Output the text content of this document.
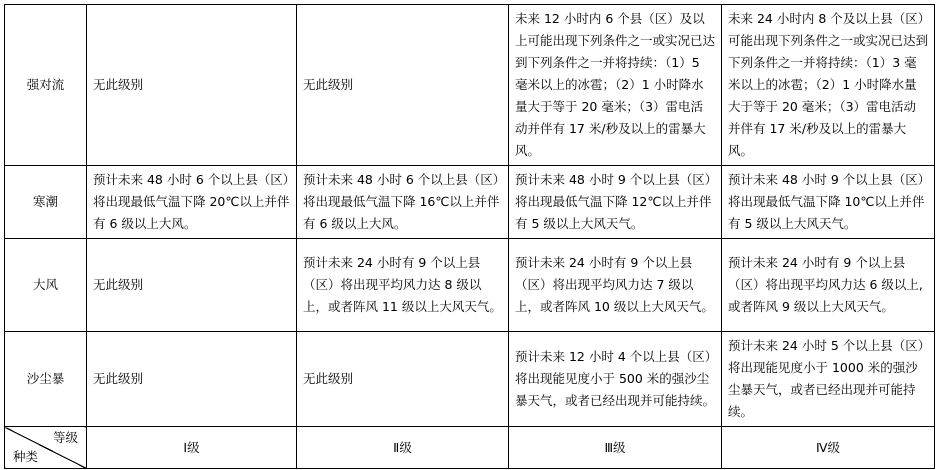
强对流	无此级别	无此级别	未来 12 小时内 6 个县（区）及以上可能出现下列条件之一或实况已达到下列条件之一并将持续：（1）5 毫米以上的冰雹；（2）1 小时降水量大于等于 20 毫米；（3）雷电活动并伴有 17 米/秒及以上的雷暴大风。	未来 24 小时内 8 个及以上县（区）可能出现下列条件之一或实况已达到下列条件之一并将持续：（1）3 毫米以上的冰雹；（2）1 小时降水量大于等于 20 毫米；（3）雷电活动并伴有 17 米/秒及以上的雷暴大风。
寒潮	预计未来 48 小时 6 个以上县（区）将出现最低气温下降 20℃以上并伴有 6 级以上大风。	预计未来 48 小时 6 个以上县（区）将出现最低气温下降 16℃以上并伴有 6 级以上大风。	预计未来 48 小时 9 个以上县（区）将出现最低气温下降 12℃以上并伴有 5 级以上大风天气。	预计未来 48 小时 9 个以上县（区）将出现最低气温下降 10℃以上并伴有 5 级以上大风天气。
大风	无此级别	预计未来 24 小时有 9 个以上县（区）将出现平均风力达 8 级以上，或者阵风 11 级以上大风天气。	预计未来 24 小时有 9 个以上县（区）将出现平均风力达 7 级以上，或者阵风 10 级以上大风天气。	预计未来 24 小时有 9 个以上县（区）将出现平均风力达 6 级以上,或者阵风 9 级以上大风天气。
沙尘暴	无此级别	无此级别	预计未来 12 小时 4 个以上县（区）将出现能见度小于 500 米的强沙尘暴天气，或者已经出现并可能持续。	预计未来 24 小时 5 个以上县（区）将出现能见度小于 1000 米的强沙尘暴天气，或者已经出现并可能持续。

等级
种类	Ⅰ级	Ⅱ级	Ⅲ级	Ⅳ级
